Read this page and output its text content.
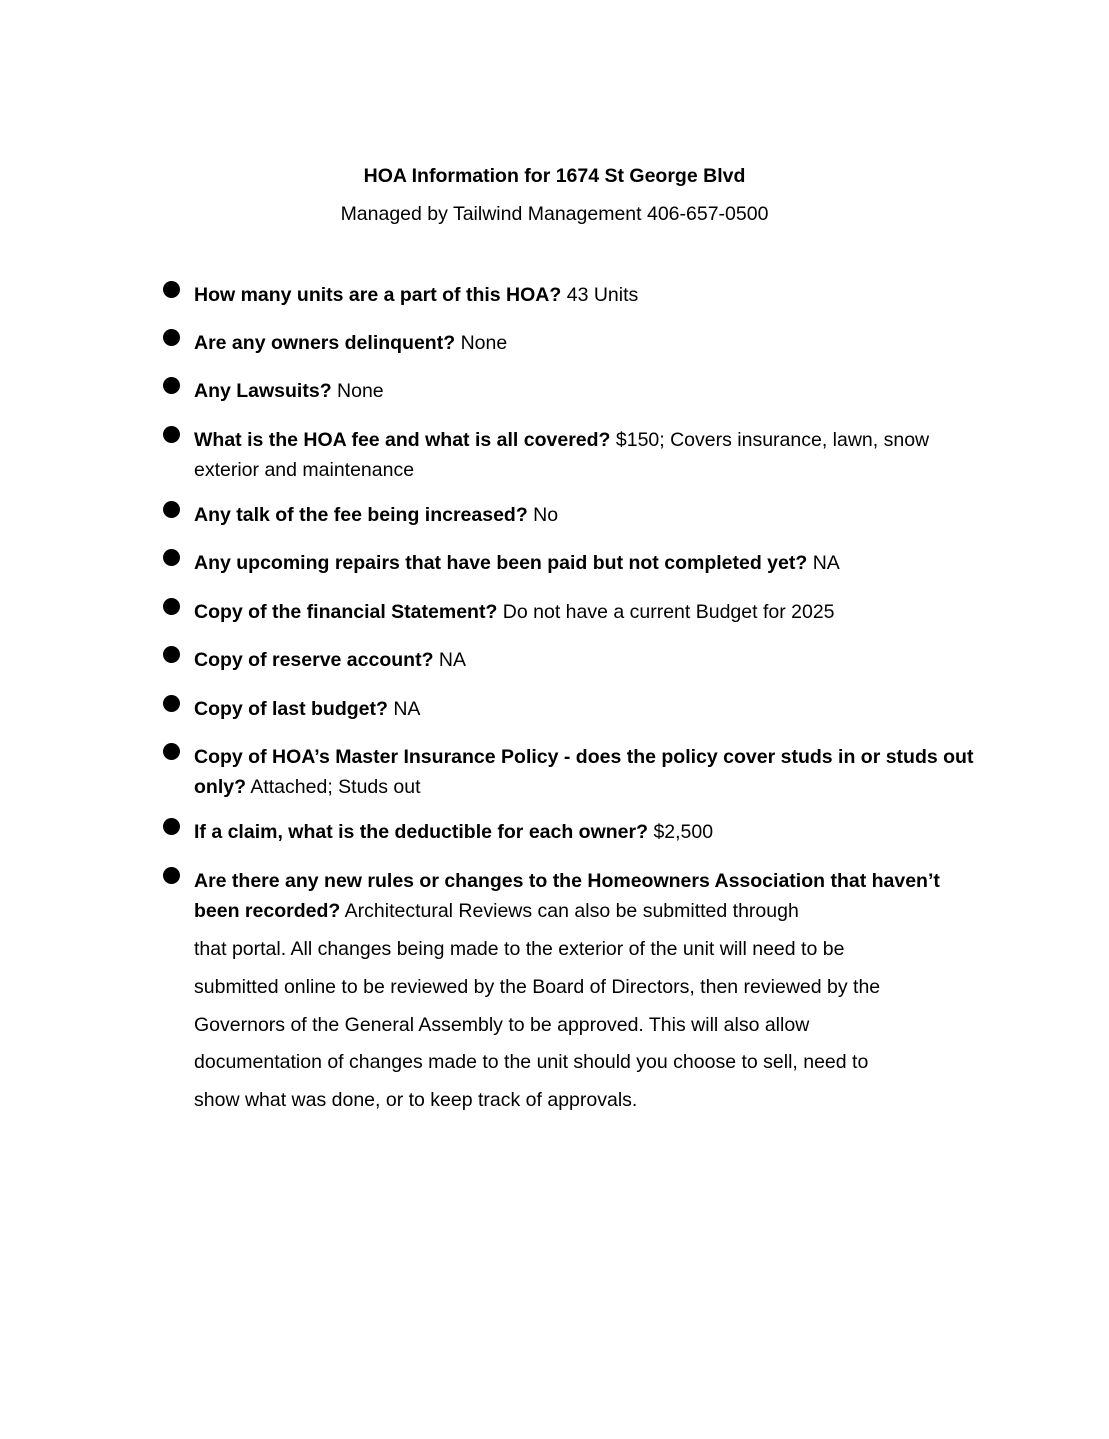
HOA Information for 1674 St George Blvd
Managed by Tailwind Management 406-657-0500
How many units are a part of this HOA? 43 Units
Are any owners delinquent? None
Any Lawsuits? None
What is the HOA fee and what is all covered? $150; Covers insurance, lawn, snow exterior and maintenance
Any talk of the fee being increased? No
Any upcoming repairs that have been paid but not completed yet? NA
Copy of the financial Statement? Do not have a current Budget for 2025
Copy of reserve account? NA
Copy of last budget? NA
Copy of HOA’s Master Insurance Policy - does the policy cover studs in or studs out only? Attached; Studs out
If a claim, what is the deductible for each owner? $2,500
Are there any new rules or changes to the Homeowners Association that haven’t been recorded? Architectural Reviews can also be submitted through
that portal. All changes being made to the exterior of the unit will need to be
submitted online to be reviewed by the Board of Directors, then reviewed by the
Governors of the General Assembly to be approved. This will also allow
documentation of changes made to the unit should you choose to sell, need to
show what was done, or to keep track of approvals.
